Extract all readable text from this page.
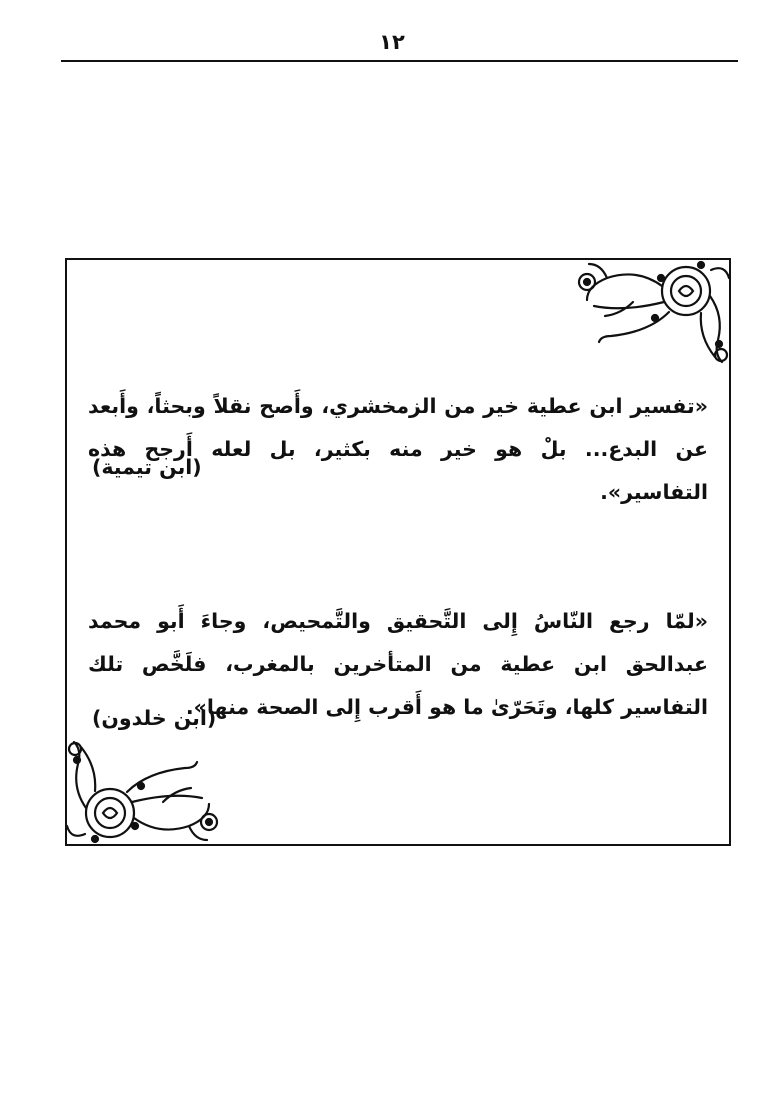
١٢

«تفسير ابن عطية خير من الزمخشري، وأَصح نقلاً وبحثاً، وأَبعد عن البدع... بلْ هو خير منه بكثير، بل لعله أَرجح هذه التفاسير».

(ابن تيمية)

«لمّا رجع النّاسُ إِلى التَّحقيق والتَّمحيص، وجاءَ أَبو محمد عبدالحق ابن عطية من المتأخرين بالمغرب، فلَخَّص تلك التفاسير كلها، وتَحَرّىٰ ما هو أَقرب إِلى الصحة منها».

(ابن خلدون)
